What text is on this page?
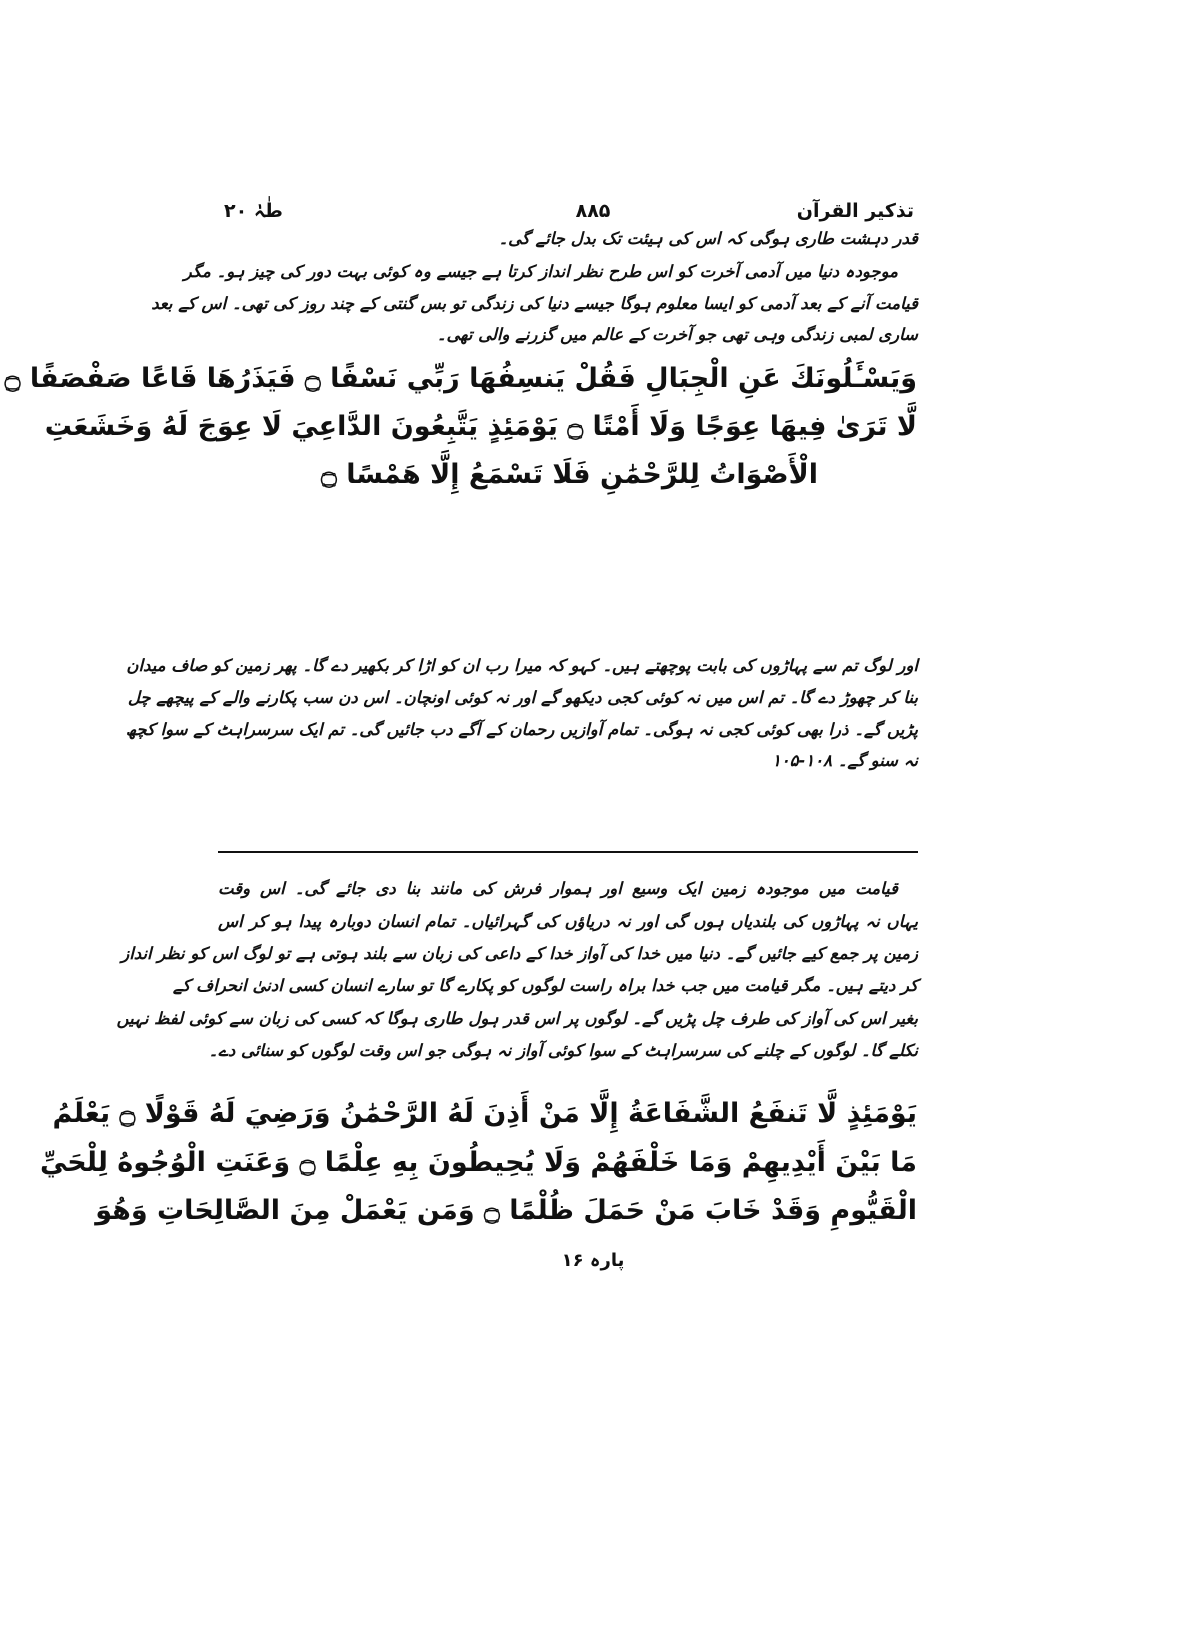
تذکیر القرآن
۸۸۵
طٰہٰ ۲۰
قدر دہشت طاری ہوگی کہ اس کی ہیئت تک بدل جائے گی۔
موجودہ دنیا میں آدمی آخرت کو اس طرح نظر انداز کرتا ہے جیسے وہ کوئی بہت دور کی چیز ہو۔ مگر
قیامت آنے کے بعد آدمی کو ایسا معلوم ہوگا جیسے دنیا کی زندگی تو بس گنتی کے چند روز کی تھی۔ اس کے بعد
ساری لمبی زندگی وہی تھی جو آخرت کے عالم میں گزرنے والی تھی۔
وَيَسْـَٔلُونَكَ عَنِ الْجِبَالِ فَقُلْ يَنسِفُهَا رَبِّي نَسْفًا ۝ فَيَذَرُهَا قَاعًا صَفْصَفًا ۝
لَّا تَرَىٰ فِيهَا عِوَجًا وَلَا أَمْتًا ۝ يَوْمَئِذٍ يَتَّبِعُونَ الدَّاعِيَ لَا عِوَجَ لَهُ وَخَشَعَتِ
الْأَصْوَاتُ لِلرَّحْمَٰنِ فَلَا تَسْمَعُ إِلَّا هَمْسًا ۝
اور لوگ تم سے پہاڑوں کی بابت پوچھتے ہیں۔ کہو کہ میرا رب ان کو اڑا کر بکھیر دے گا۔ پھر زمین کو صاف میدان
بنا کر چھوڑ دے گا۔ تم اس میں نہ کوئی کجی دیکھو گے اور نہ کوئی اونچان۔ اس دن سب پکارنے والے کے پیچھے چل
پڑیں گے۔ ذرا بھی کوئی کجی نہ ہوگی۔ تمام آوازیں رحمان کے آگے دب جائیں گی۔ تم ایک سرسراہٹ کے سوا کچھ
نہ سنو گے۔ ۱۰۸-۱۰۵
قیامت میں موجودہ زمین ایک وسیع اور ہموار فرش کی مانند بنا دی جائے گی۔ اس وقت
یہاں نہ پہاڑوں کی بلندیاں ہوں گی اور نہ دریاؤں کی گہرائیاں۔ تمام انسان دوبارہ پیدا ہو کر اس
زمین پر جمع کیے جائیں گے۔ دنیا میں خدا کی آواز خدا کے داعی کی زبان سے بلند ہوتی ہے تو لوگ اس کو نظر انداز
کر دیتے ہیں۔ مگر قیامت میں جب خدا براہ راست لوگوں کو پکارے گا تو سارے انسان کسی ادنیٰ انحراف کے
بغیر اس کی آواز کی طرف چل پڑیں گے۔ لوگوں پر اس قدر ہول طاری ہوگا کہ کسی کی زبان سے کوئی لفظ نہیں
نکلے گا۔ لوگوں کے چلنے کی سرسراہٹ کے سوا کوئی آواز نہ ہوگی جو اس وقت لوگوں کو سنائی دے۔
يَوْمَئِذٍ لَّا تَنفَعُ الشَّفَاعَةُ إِلَّا مَنْ أَذِنَ لَهُ الرَّحْمَٰنُ وَرَضِيَ لَهُ قَوْلًا ۝ يَعْلَمُ
مَا بَيْنَ أَيْدِيهِمْ وَمَا خَلْفَهُمْ وَلَا يُحِيطُونَ بِهِ عِلْمًا ۝ وَعَنَتِ الْوُجُوهُ لِلْحَيِّ
الْقَيُّومِ وَقَدْ خَابَ مَنْ حَمَلَ ظُلْمًا ۝ وَمَن يَعْمَلْ مِنَ الصَّالِحَاتِ وَهُوَ
پارہ ۱۶
